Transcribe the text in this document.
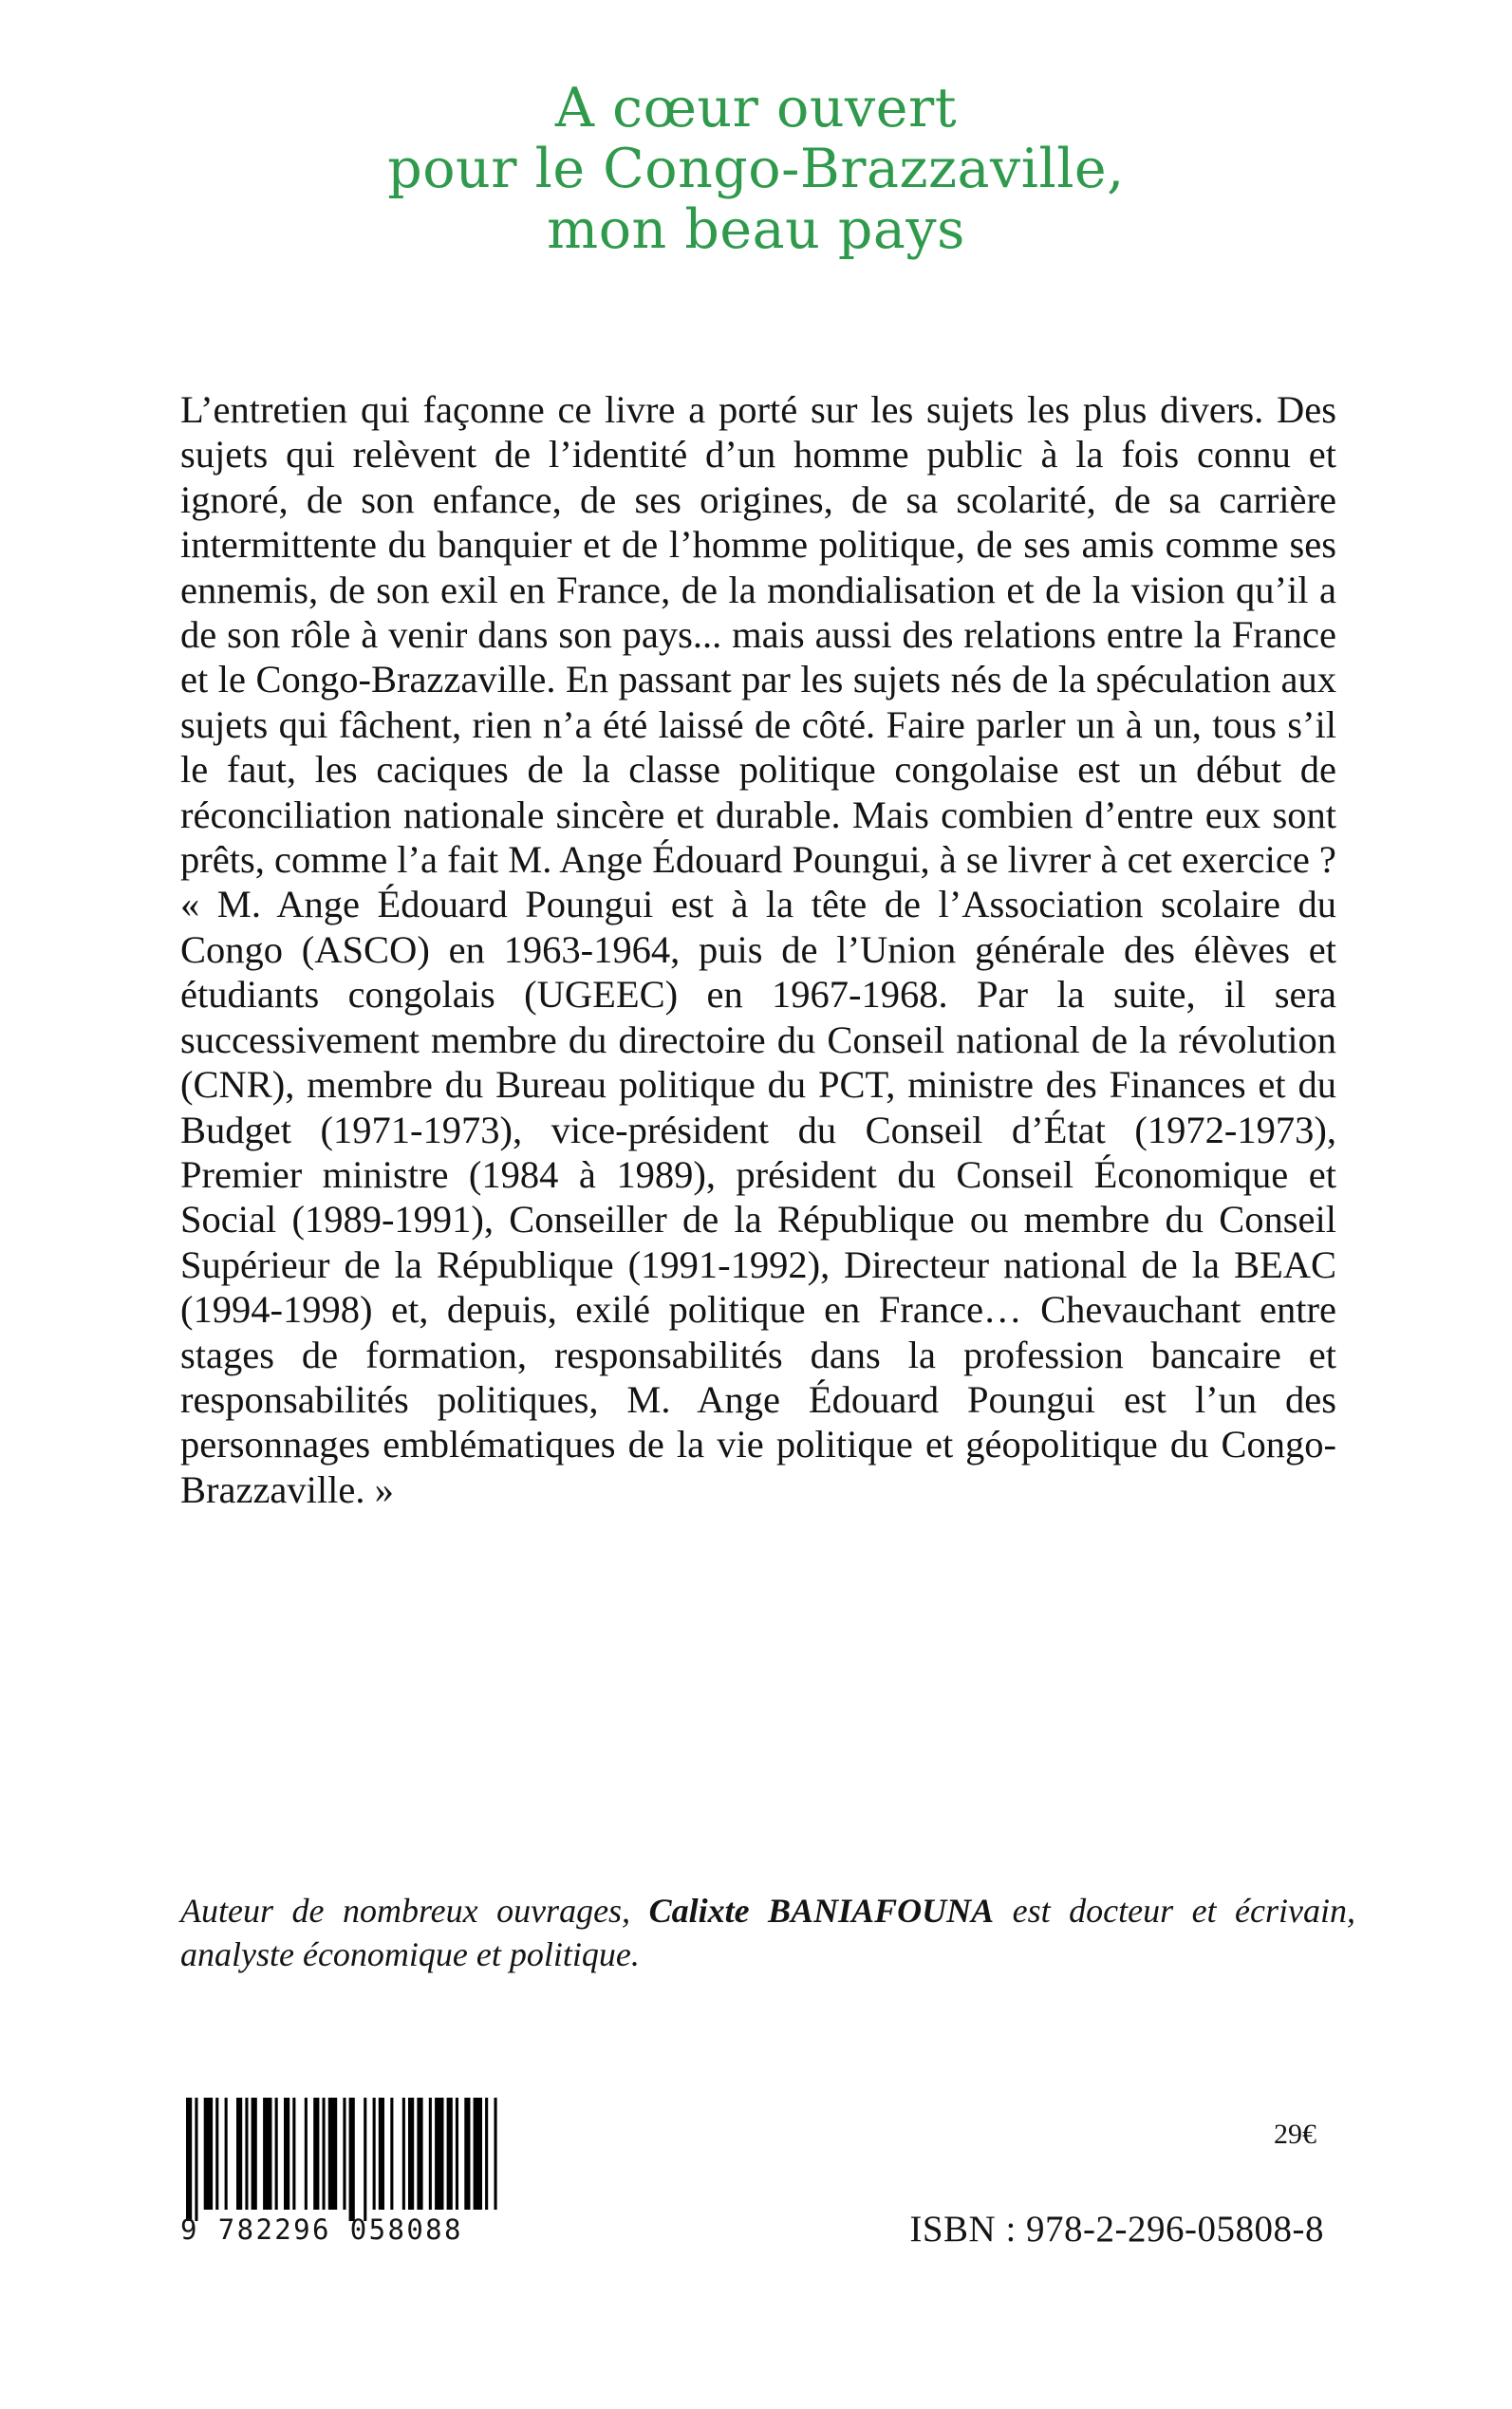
A cœur ouvert
pour le Congo-Brazzaville,
mon beau pays

L’entretien qui façonne ce livre a porté sur les sujets les plus divers. Des sujets qui relèvent de l’identité d’un homme public à la fois connu et ignoré, de son enfance, de ses origines, de sa scolarité, de sa carrière intermittente du banquier et de l’homme politique, de ses amis comme ses ennemis, de son exil en France, de la mondialisation et de la vision qu’il a de son rôle à venir dans son pays... mais aussi des relations entre la France et le Congo-Brazzaville. En passant par les sujets nés de la spéculation aux sujets qui fâchent, rien n’a été laissé de côté. Faire parler un à un, tous s’il le faut, les caciques de la classe politique congolaise est un début de réconciliation nationale sincère et durable. Mais combien d’entre eux sont prêts, comme l’a fait M. Ange Édouard Poungui, à se livrer à cet exercice ?

« M. Ange Édouard Poungui est à la tête de l’Association scolaire du Congo (ASCO) en 1963-1964, puis de l’Union générale des élèves et étudiants congolais (UGEEC) en 1967-1968. Par la suite, il sera successivement membre du directoire du Conseil national de la révolution (CNR), membre du Bureau politique du PCT, ministre des Finances et du Budget (1971-1973), vice-président du Conseil d’État (1972-1973), Premier ministre (1984 à 1989), président du Conseil Économique et Social (1989-1991), Conseiller de la République ou membre du Conseil Supérieur de la République (1991-1992), Directeur national de la BEAC (1994-1998) et, depuis, exilé politique en France… Chevauchant entre stages de formation, responsabilités dans la profession bancaire et responsabilités politiques, M. Ange Édouard Poungui est l’un des personnages emblématiques de la vie politique et géopolitique du Congo-Brazzaville. »

Auteur de nombreux ouvrages, Calixte BANIAFOUNA est docteur et écrivain, analyste économique et politique.
9 782296 058088
29€
ISBN : 978-2-296-05808-8
